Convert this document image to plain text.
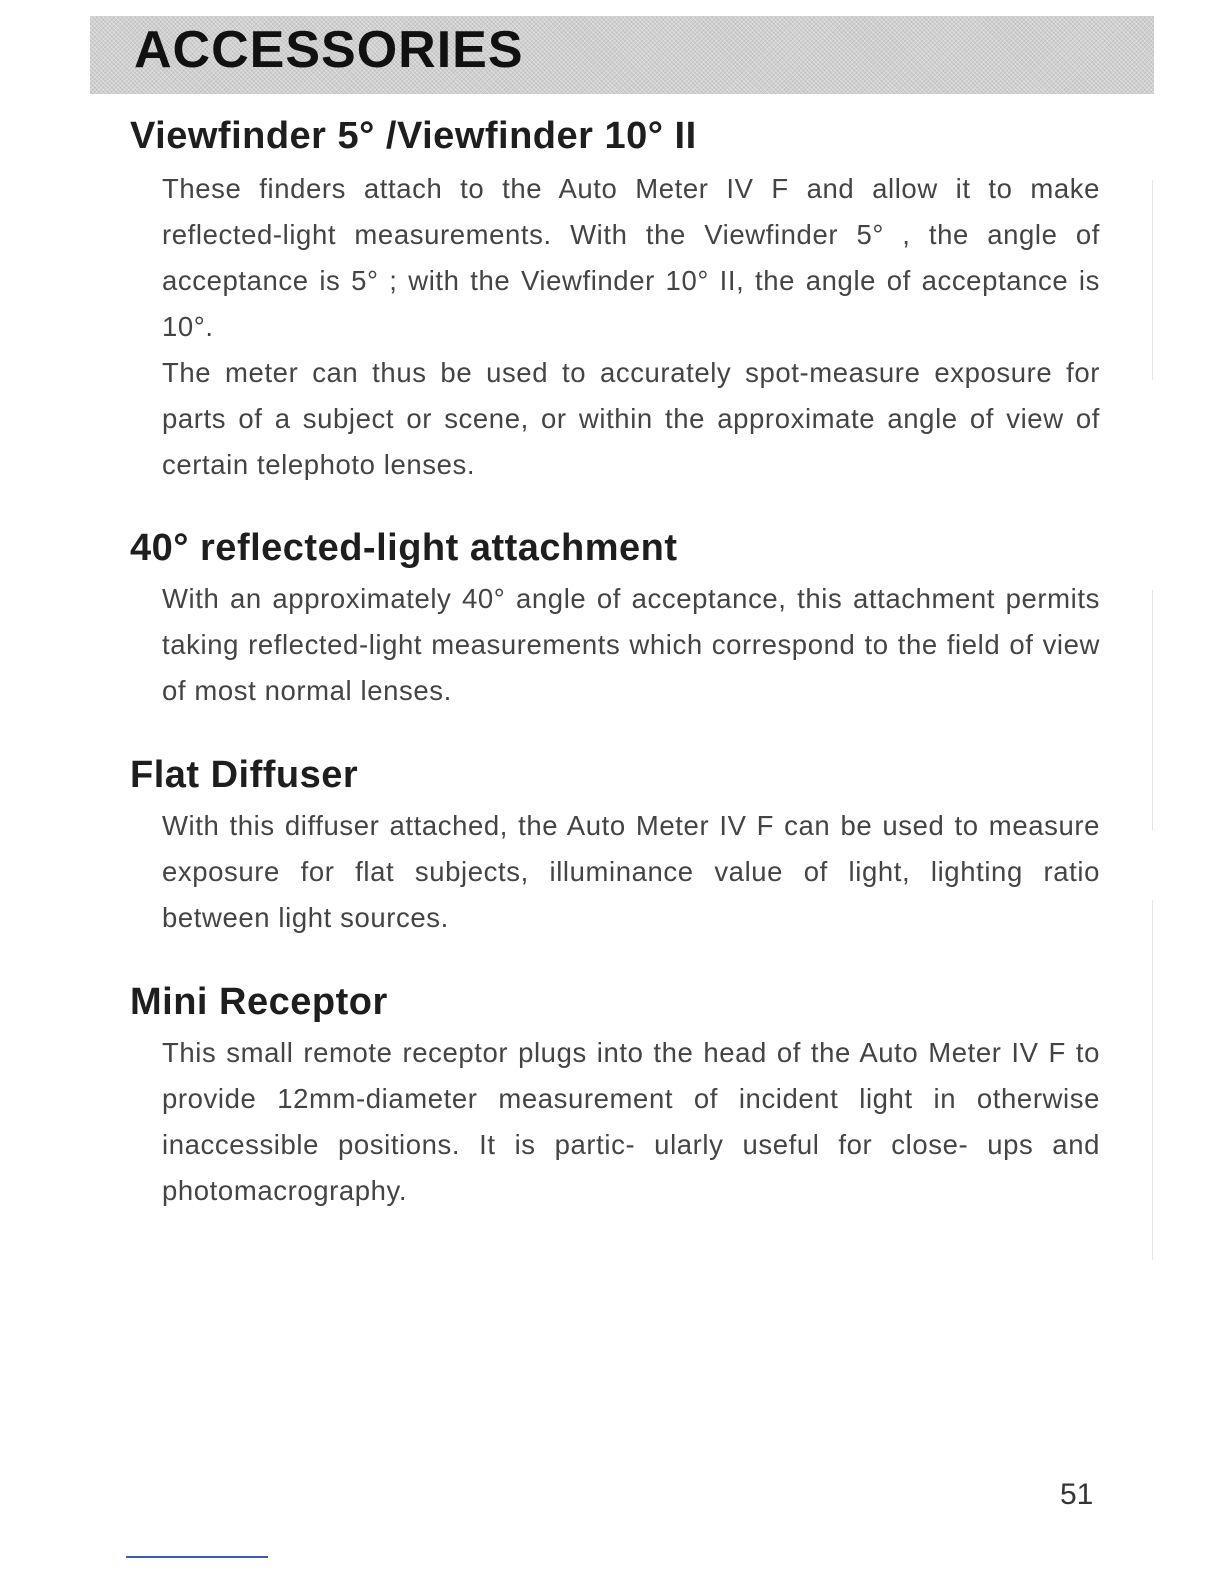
ACCESSORIES
Viewfinder 5° /Viewfinder 10° II

These finders attach to the Auto Meter IV F and allow it to make reflected-light measurements. With the Viewfinder 5° , the angle of acceptance is 5° ; with the Viewfinder 10° II, the angle of acceptance is 10°.

The meter can thus be used to accurately spot-measure exposure for parts of a subject or scene, or within the approximate angle of view of certain telephoto lenses.

40° reflected-light attachment

With an approximately 40° angle of acceptance, this attachment permits taking reflected-light measurements which correspond to the field of view of most normal lenses.

Flat Diffuser

With this diffuser attached, the Auto Meter IV F can be used to measure exposure for flat subjects, illuminance value of light, lighting ratio between light sources.

Mini Receptor

This small remote receptor plugs into the head of the Auto Meter IV F to provide 12mm-diameter measurement of incident light in otherwise inaccessible positions. It is partic- ularly useful for close- ups and photomacrography.

51
